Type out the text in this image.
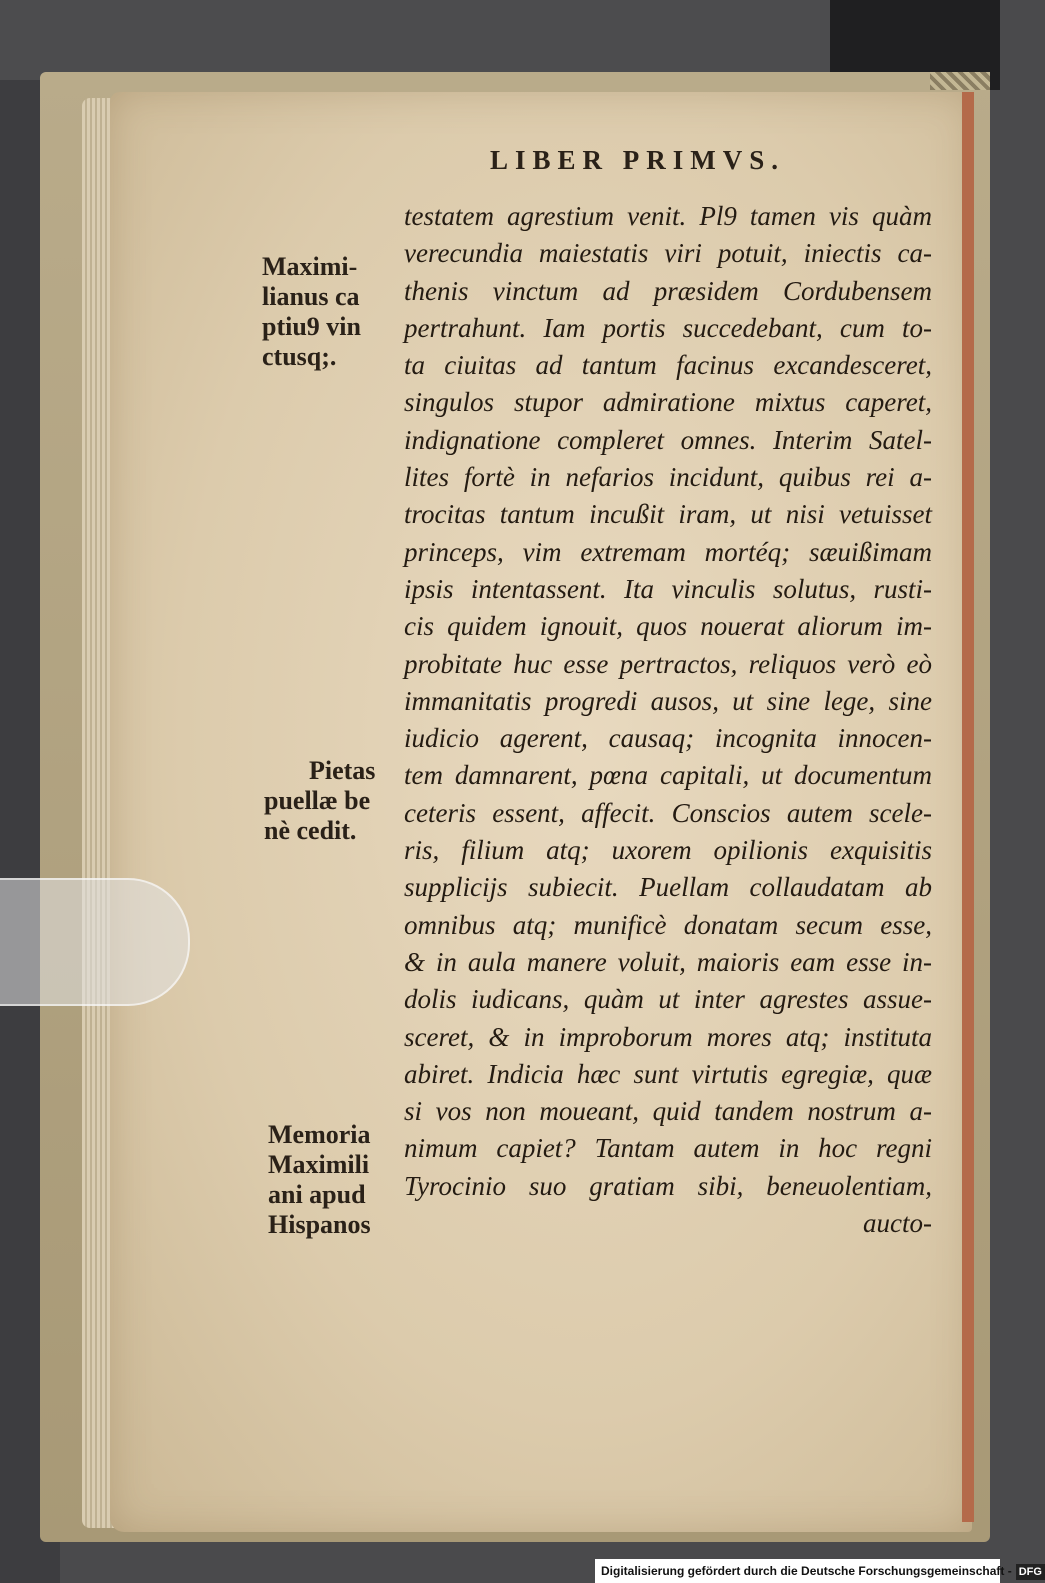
LIBER PRIMVS.
Maximi-
lianus ca
ptiu9 vin
ctusq;.
Pietas
puellæ be
nè cedit.
Memoria
Maximili
ani apud
Hispanos
testatem agrestium venit. Pl9 tamen vis quàm
verecundia maiestatis viri potuit, iniectis ca-
thenis vinctum ad præsidem Cordubensem
pertrahunt. Iam portis succedebant, cum to-
ta ciuitas ad tantum facinus excandesceret,
singulos stupor admiratione mixtus caperet,
indignatione compleret omnes. Interim Satel-
lites fortè in nefarios incidunt, quibus rei a-
trocitas tantum incußit iram, ut nisi vetuisset
princeps, vim extremam mortéq; sæuißimam
ipsis intentassent. Ita vinculis solutus, rusti-
cis quidem ignouit, quos nouerat aliorum im-
probitate huc esse pertractos, reliquos verò eò
immanitatis progredi ausos, ut sine lege, sine
iudicio agerent, causaq; incognita innocen-
tem damnarent, pœna capitali, ut documentum
ceteris essent, affecit. Conscios autem scele-
ris, filium atq; uxorem opilionis exquisitis
supplicijs subiecit. Puellam collaudatam ab
omnibus atq; munificè donatam secum esse,
& in aula manere voluit, maioris eam esse in-
dolis iudicans, quàm ut inter agrestes assue-
sceret, & in improborum mores atq; instituta
abiret. Indicia hæc sunt virtutis egregiæ, quæ
si vos non moueant, quid tandem nostrum a-
nimum capiet? Tantam autem in hoc regni
Tyrocinio suo gratiam sibi, beneuolentiam,
aucto-
Digitalisierung gefördert durch die Deutsche Forschungsgemeinschaft - DFG
